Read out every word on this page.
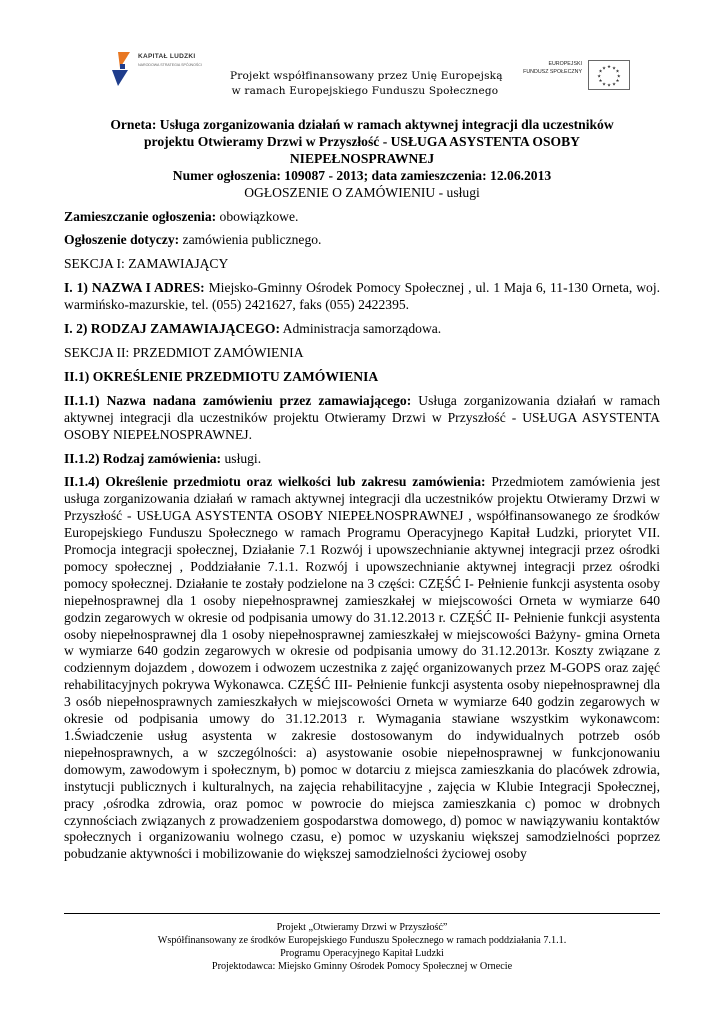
KAPITAŁ LUDZKI
NARODOWA STRATEGIA SPÓJNOŚCI
Projekt współfinansowany przez Unię Europejską
w ramach Europejskiego Funduszu Społecznego
EUROPEJSKI
FUNDUSZ SPOŁECZNY
★ ★
★
★
★
★
★
★
★
★
★
★
Orneta: Usługa zorganizowania działań w ramach aktywnej integracji dla uczestników
projektu Otwieramy Drzwi w Przyszłość - USŁUGA ASYSTENTA OSOBY
NIEPEŁNOSPRAWNEJ
Numer ogłoszenia: 109087 - 2013; data zamieszczenia: 12.06.2013
OGŁOSZENIE O ZAMÓWIENIU - usługi

Zamieszczanie ogłoszenia: obowiązkowe.

Ogłoszenie dotyczy: zamówienia publicznego.

SEKCJA I: ZAMAWIAJĄCY

I. 1) NAZWA I ADRES: Miejsko-Gminny Ośrodek Pomocy Społecznej , ul. 1 Maja 6, 11-130 Orneta, woj. warmińsko-mazurskie, tel. (055) 2421627, faks (055) 2422395.

I. 2) RODZAJ ZAMAWIAJĄCEGO: Administracja samorządowa.

SEKCJA II: PRZEDMIOT ZAMÓWIENIA

II.1) OKREŚLENIE PRZEDMIOTU ZAMÓWIENIA

II.1.1) Nazwa nadana zamówieniu przez zamawiającego: Usługa zorganizowania działań w ramach aktywnej integracji dla uczestników projektu Otwieramy Drzwi w Przyszłość - USŁUGA ASYSTENTA OSOBY NIEPEŁNOSPRAWNEJ.

II.1.2) Rodzaj zamówienia: usługi.

II.1.4) Określenie przedmiotu oraz wielkości lub zakresu zamówienia: Przedmiotem zamówienia jest usługa zorganizowania działań w ramach aktywnej integracji dla uczestników projektu Otwieramy Drzwi w Przyszłość - USŁUGA ASYSTENTA OSOBY NIEPEŁNOSPRAWNEJ , współfinansowanego ze środków Europejskiego Funduszu Społecznego w ramach Programu Operacyjnego Kapitał Ludzki, priorytet VII. Promocja integracji społecznej, Działanie 7.1 Rozwój i upowszechnianie aktywnej integracji przez ośrodki pomocy społecznej , Poddziałanie 7.1.1. Rozwój i upowszechnianie aktywnej integracji przez ośrodki pomocy społecznej. Działanie te zostały podzielone na 3 części: CZĘŚĆ I- Pełnienie funkcji asystenta osoby niepełnosprawnej dla 1 osoby niepełnosprawnej zamieszkałej w miejscowości Orneta w wymiarze 640 godzin zegarowych w okresie od podpisania umowy do 31.12.2013 r. CZĘŚĆ II- Pełnienie funkcji asystenta osoby niepełnosprawnej dla 1 osoby niepełnosprawnej zamieszkałej w miejscowości Bażyny- gmina Orneta w wymiarze 640 godzin zegarowych w okresie od podpisania umowy do 31.12.2013r. Koszty związane z codziennym dojazdem , dowozem i odwozem uczestnika z zajęć organizowanych przez M-GOPS oraz zajęć rehabilitacyjnych pokrywa Wykonawca. CZĘŚĆ III- Pełnienie funkcji asystenta osoby niepełnosprawnej dla 3 osób niepełnosprawnych zamieszkałych w miejscowości Orneta w wymiarze 640 godzin zegarowych w okresie od podpisania umowy do 31.12.2013 r. Wymagania stawiane wszystkim wykonawcom: 1.Świadczenie usług asystenta w zakresie dostosowanym do indywidualnych potrzeb osób niepełnosprawnych, a w szczególności: a) asystowanie osobie niepełnosprawnej w funkcjonowaniu domowym, zawodowym i społecznym, b) pomoc w dotarciu z miejsca zamieszkania do placówek zdrowia, instytucji publicznych i kulturalnych, na zajęcia rehabilitacyjne , zajęcia w Klubie Integracji Społecznej, pracy ,ośrodka zdrowia, oraz pomoc w powrocie do miejsca zamieszkania c) pomoc w drobnych czynnościach związanych z prowadzeniem gospodarstwa domowego, d) pomoc w nawiązywaniu kontaktów społecznych i organizowaniu wolnego czasu, e) pomoc w uzyskaniu większej samodzielności poprzez pobudzanie aktywności i mobilizowanie do większej samodzielności życiowej osoby

Projekt „Otwieramy Drzwi w Przyszłość”
Współfinansowany ze środków Europejskiego Funduszu Społecznego w ramach poddziałania 7.1.1.
Programu Operacyjnego Kapitał Ludzki
Projektodawca: Miejsko Gminny Ośrodek Pomocy Społecznej w Ornecie
